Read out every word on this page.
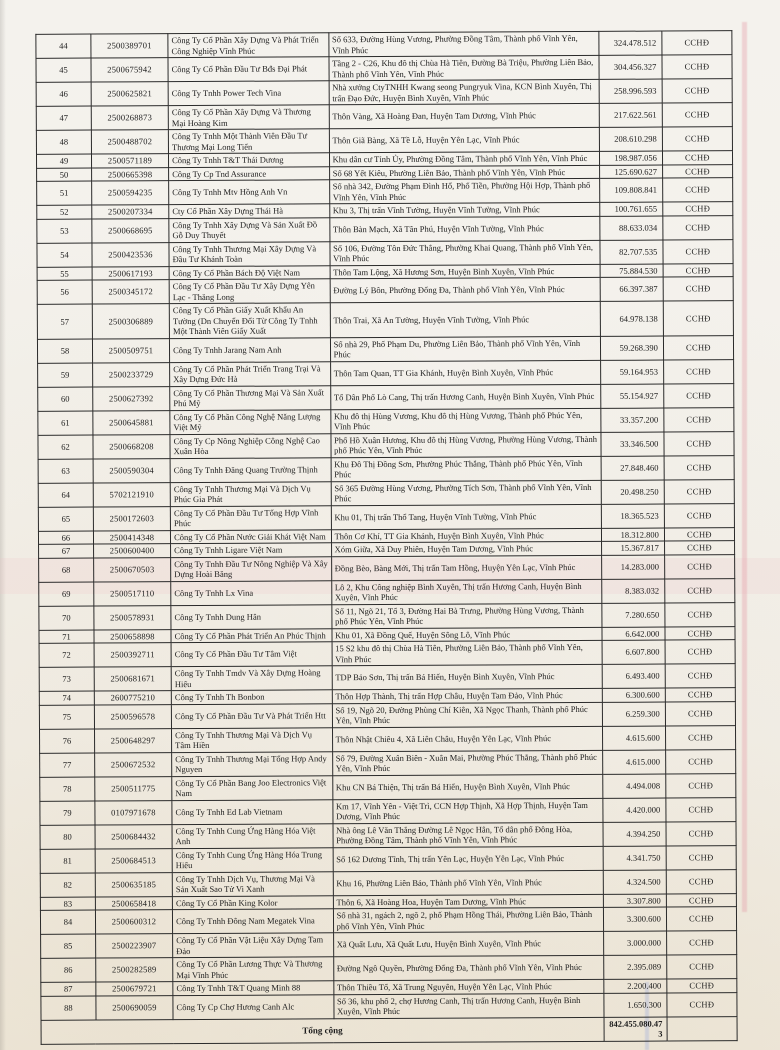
44	2500389701	Công Ty Cổ Phần Xây Dựng Và Phát Triển Công Nghiệp Vĩnh Phúc	Số 633, Đường Hùng Vương, Phường Đồng Tâm, Thành phố Vĩnh Yên, Vĩnh Phúc	324.478.512	CCHĐ
45	2500675942	Công Ty Cổ Phần Đầu Tư Bđs Đại Phát	Tầng 2 - C26, Khu đô thị Chùa Hà Tiên, Đường Bà Triệu, Phường Liên Bảo, Thành phố Vĩnh Yên, Vĩnh Phúc	304.456.327	CCHĐ
46	2500625821	Công Ty Tnhh Power Tech Vina	Nhà xưởng CtyTNHH Kwang seong Pungryuk Vina, KCN Bình Xuyên, Thị trấn Đạo Đức, Huyện Bình Xuyên, Vĩnh Phúc	258.996.593	CCHĐ
47	2500268873	Công Ty Cổ Phần Xây Dựng Và Thương Mại Hoàng Kim	Thôn Vàng, Xã Hoàng Đan, Huyện Tam Dương, Vĩnh Phúc	217.622.561	CCHĐ
48	2500488702	Công Ty Tnhh Một Thành Viên Đầu Tư Thương Mại Long Tiến	Thôn Giã Bàng, Xã Tề Lỗ, Huyện Yên Lạc, Vĩnh Phúc	208.610.298	CCHĐ
49	2500571189	Công Ty Tnhh T&T Thái Dương	Khu dân cư Tỉnh Ủy, Phường Đồng Tâm, Thành phố Vĩnh Yên, Vĩnh Phúc	198.987.056	CCHĐ
50	2500665398	Công Ty Cp Tnd Assurance	Số 68 Yết Kiêu, Phường Liên Bảo, Thành phố Vĩnh Yên, Vĩnh Phúc	125.690.627	CCHĐ
51	2500594235	Công Ty Tnhh Mtv Hồng Anh Vn	Số nhà 342, Đường Phạm Đình Hổ, Phố Tiền, Phường Hội Hợp, Thành phố Vĩnh Yên, Vĩnh Phúc	109.808.841	CCHĐ
52	2500207334	Cty Cổ Phần Xây Dựng Thái Hà	Khu 3, Thị trấn Vĩnh Tường, Huyện Vĩnh Tường, Vĩnh Phúc	100.761.655	CCHĐ
53	2500668695	Công Ty Tnhh Xây Dựng Và Sản Xuất Đồ Gỗ Duy Thuyết	Thôn Bàn Mạch, Xã Tân Phú, Huyện Vĩnh Tường, Vĩnh Phúc	88.633.034	CCHĐ
54	2500423536	Công Ty Tnhh Thương Mại Xây Dựng Và Đầu Tư Khánh Toàn	Số 106, Đường Tôn Đức Thắng, Phường Khai Quang, Thành phố Vĩnh Yên, Vĩnh Phúc	82.707.535	CCHĐ
55	2500617193	Công Ty Cổ Phần Bách Độ Việt Nam	Thôn Tam Lộng, Xã Hương Sơn, Huyện Bình Xuyên, Vĩnh Phúc	75.884.530	CCHĐ
56	2500345172	Công Ty Cổ Phần Đầu Tư Xây Dựng Yên Lạc - Thăng Long	Đường Lý Bôn, Phường Đống Đa, Thành phố Vĩnh Yên, Vĩnh Phúc	66.397.387	CCHĐ
57	2500306889	Công Ty Cổ Phần Giấy Xuất Khẩu An Tường (Dn Chuyển Đổi Từ Công Ty Tnhh Một Thành Viên Giấy Xuất	Thôn Trai, Xã An Tường, Huyện Vĩnh Tường, Vĩnh Phúc	64.978.138	CCHĐ
58	2500509751	Công Ty Tnhh Jarang Nam Anh	Số nhà 29, Phố Phạm Du, Phường Liên Bảo, Thành phố Vĩnh Yên, Vĩnh Phúc	59.268.390	CCHĐ
59	2500233729	Công Ty Cổ Phần Phát Triển Trang Trại Và Xây Dựng Đức Hà	Thôn Tam Quan, TT Gia Khánh, Huyện Bình Xuyên, Vĩnh Phúc	59.164.953	CCHĐ
60	2500627392	Công Ty Cổ Phần Thương Mại Và Sản Xuất Phú Mỹ	Tổ Dân Phố Lò Cang, Thị trấn Hương Canh, Huyện Bình Xuyên, Vĩnh Phúc	55.154.927	CCHĐ
61	2500645881	Công Ty Cổ Phần Công Nghệ Năng Lượng Việt Mỹ	Khu đô thị Hùng Vương, Khu đô thị Hùng Vương, Thành phố Phúc Yên, Vĩnh Phúc	33.357.200	CCHĐ
62	2500668208	Công Ty Cp Nông Nghiệp Công Nghệ Cao Xuân Hòa	Phố Hồ Xuân Hương, Khu đô thị Hùng Vương, Phường Hùng Vương, Thành phố Phúc Yên, Vĩnh Phúc	33.346.500	CCHĐ
63	2500590304	Công Ty Tnhh Đăng Quang Trường Thịnh	Khu Đô Thị Đồng Sơn, Phường Phúc Thắng, Thành phố Phúc Yên, Vĩnh Phúc	27.848.460	CCHĐ
64	5702121910	Công Ty Tnhh Thương Mại Và Dịch Vụ Phúc Gia Phát	Số 365 Đường Hùng Vương, Phường Tích Sơn, Thành phố Vĩnh Yên, Vĩnh Phúc	20.498.250	CCHĐ
65	2500172603	Công Ty Cổ Phần Đầu Tư Tổng Hợp Vĩnh Phúc	Khu 01, Thị trấn Thổ Tang, Huyện Vĩnh Tường, Vĩnh Phúc	18.365.523	CCHĐ
66	2500414348	Công Ty Cổ Phần Nước Giải Khát Việt Nam	Thôn Cơ Khí, TT Gia Khánh, Huyện Bình Xuyên, Vĩnh Phúc	18.312.800	CCHĐ
67	2500600400	Công Ty Tnhh Ligare Việt Nam	Xóm Giữa, Xã Duy Phiên, Huyện Tam Dương, Vĩnh Phúc	15.367.817	CCHĐ
68	2500670503	Công Ty Tnhh Đầu Tư Nông Nghiệp Và Xây Dựng Hoài Băng	Đồng Bèo, Bàng Mới, Thị trấn Tam Hồng, Huyện Yên Lạc, Vĩnh Phúc	14.283.000	CCHĐ
69	2500517110	Công Ty Tnhh Lx Vina	Lô 2, Khu Công nghiệp Bình Xuyên, Thị trấn Hương Canh, Huyện Bình Xuyên, Vĩnh Phúc	8.383.032	CCHĐ
70	2500578931	Công Ty Tnhh Dung Hân	Số 11, Ngõ 21, Tổ 3, Đường Hai Bà Trưng, Phường Hùng Vương, Thành phố Phúc Yên, Vĩnh Phúc	7.280.650	CCHĐ
71	2500658898	Công Ty Cổ Phần Phát Triển An Phúc Thịnh	Khu 01, Xã Đồng Quế, Huyện Sông Lô, Vĩnh Phúc	6.642.000	CCHĐ
72	2500392711	Công Ty Cổ Phần Đầu Tư Tâm Việt	15 S2 khu đô thị Chùa Hà Tiên, Phường Liên Bảo, Thành phố Vĩnh Yên, Vĩnh Phúc	6.607.800	CCHĐ
73	2500681671	Công Ty Tnhh Tmdv Và Xây Dựng Hoàng Hiếu	TDP Bảo Sơn, Thị trấn Bá Hiến, Huyện Bình Xuyên, Vĩnh Phúc	6.493.400	CCHĐ
74	2600775210	Công Ty Tnhh Th Bonbon	Thôn Hợp Thành, Thị trấn Hợp Châu, Huyện Tam Đảo, Vĩnh Phúc	6.300.600	CCHĐ
75	2500596578	Công Ty Cổ Phần Đầu Tư Và Phát Triển Htt	Số 19, Ngõ 20, Đường Phùng Chí Kiên, Xã Ngọc Thanh, Thành phố Phúc Yên, Vĩnh Phúc	6.259.300	CCHĐ
76	2500648297	Công Ty Tnhh Thương Mại Và Dịch Vụ Tâm Hiền	Thôn Nhật Chiêu 4, Xã Liên Châu, Huyện Yên Lạc, Vĩnh Phúc	4.615.600	CCHĐ
77	2500672532	Công Ty Tnhh Thương Mại Tổng Hợp Andy Nguyen	Số 79, Đường Xuân Biên - Xuân Mai, Phường Phúc Thắng, Thành phố Phúc Yên, Vĩnh Phúc	4.615.000	CCHĐ
78	2500511775	Công Ty Cổ Phần Bang Joo Electronics Việt Nam	Khu CN Bá Thiện, Thị trấn Bá Hiến, Huyện Bình Xuyên, Vĩnh Phúc	4.494.008	CCHĐ
79	0107971678	Công Ty Tnhh Ed Lab Vietnam	Km 17, Vĩnh Yên - Việt Trì, CCN Hợp Thịnh, Xã Hợp Thịnh, Huyện Tam Dương, Vĩnh Phúc	4.420.000	CCHĐ
80	2500684432	Công Ty Tnhh Cung Ứng Hàng Hóa Việt Anh	Nhà ông Lê Văn Thắng Đường Lê Ngọc Hân, Tổ dân phố Đông Hòa, Phường Đồng Tâm, Thành phố Vĩnh Yên, Vĩnh Phúc	4.394.250	CCHĐ
81	2500684513	Công Ty Tnhh Cung Ứng Hàng Hóa Trung Hiếu	Số 162 Dương Tĩnh, Thị trấn Yên Lạc, Huyện Yên Lạc, Vĩnh Phúc	4.341.750	CCHĐ
82	2500635185	Công Ty Tnhh Dịch Vụ, Thương Mại Và Sản Xuất Sao Tử Vi Xanh	Khu 16, Phường Liên Bảo, Thành phố Vĩnh Yên, Vĩnh Phúc	4.324.500	CCHĐ
83	2500658418	Công Ty Cổ Phần King Kolor	Thôn 6, Xã Hoàng Hoa, Huyện Tam Dương, Vĩnh Phúc	3.307.800	CCHĐ
84	2500600312	Công Ty Tnhh Đông Nam Megatek Vina	Số nhà 31, ngách 2, ngõ 2, phố Phạm Hồng Thái, Phường Liên Bảo, Thành phố Vĩnh Yên, Vĩnh Phúc	3.300.600	CCHĐ
85	2500223907	Công Ty Cổ Phần Vật Liệu Xây Dựng Tam Đảo	Xã Quất Lưu, Xã Quất Lưu, Huyện Bình Xuyên, Vĩnh Phúc	3.000.000	CCHĐ
86	2500282589	Công Ty Cổ Phần Lương Thực Và Thương Mại Vĩnh Phúc	Đường Ngô Quyền, Phường Đống Đa, Thành phố Vĩnh Yên, Vĩnh Phúc	2.395.089	CCHĐ
87	2500679721	Công Ty Tnhh T&T Quang Minh 88	Thôn Thiều Tổ, Xã Trung Nguyên, Huyện Yên Lạc, Vĩnh Phúc	2.200.400	CCHĐ
88	2500690059	Công Ty Cp Chợ Hương Canh Alc	Số 36, khu phố 2, chợ Hương Canh, Thị trấn Hương Canh, Huyện Bình Xuyên, Vĩnh Phúc	1.650.300	CCHĐ
Tổng cộng				842.455.080.473	
